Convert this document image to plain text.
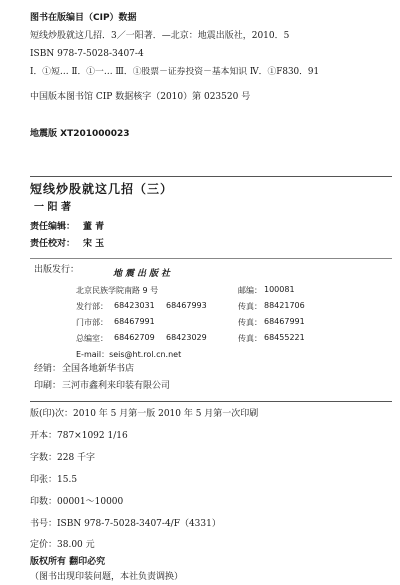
图书在版编目（CIP）数据
短线炒股就这几招．3／一阳著．—北京：地震出版社，2010．5
ISBN 978-7-5028-3407-4
Ⅰ．①短… Ⅱ．①一… Ⅲ．①股票－证券投资－基本知识 Ⅳ．①F830．91
中国版本图书馆 CIP 数据核字（2010）第 023520 号
地震版 XT201000023
短线炒股就这几招（三）
一 阳 著
责任编辑： 董 青
责任校对： 宋 玉
出版发行：	地震出版社
北京民族学院南路 9 号	邮编： 100081
发行部： 68423031 68467993	传真： 88421706
门市部： 68467991	传真： 68467991
总编室： 68462709 68423029	传真： 68455221
E-mail：seis@ht.rol.cn.net
经销： 全国各地新华书店
印刷： 三河市鑫利来印装有限公司
版(印)次：2010 年 5 月第一版 2010 年 5 月第一次印刷
开本：787×1092 1/16
字数：228 千字
印张：15.5
印数：00001～10000
书号：ISBN 978-7-5028-3407-4/F（4331）
定价：38.00 元
版权所有 翻印必究
（图书出现印装问题，本社负责调换）
